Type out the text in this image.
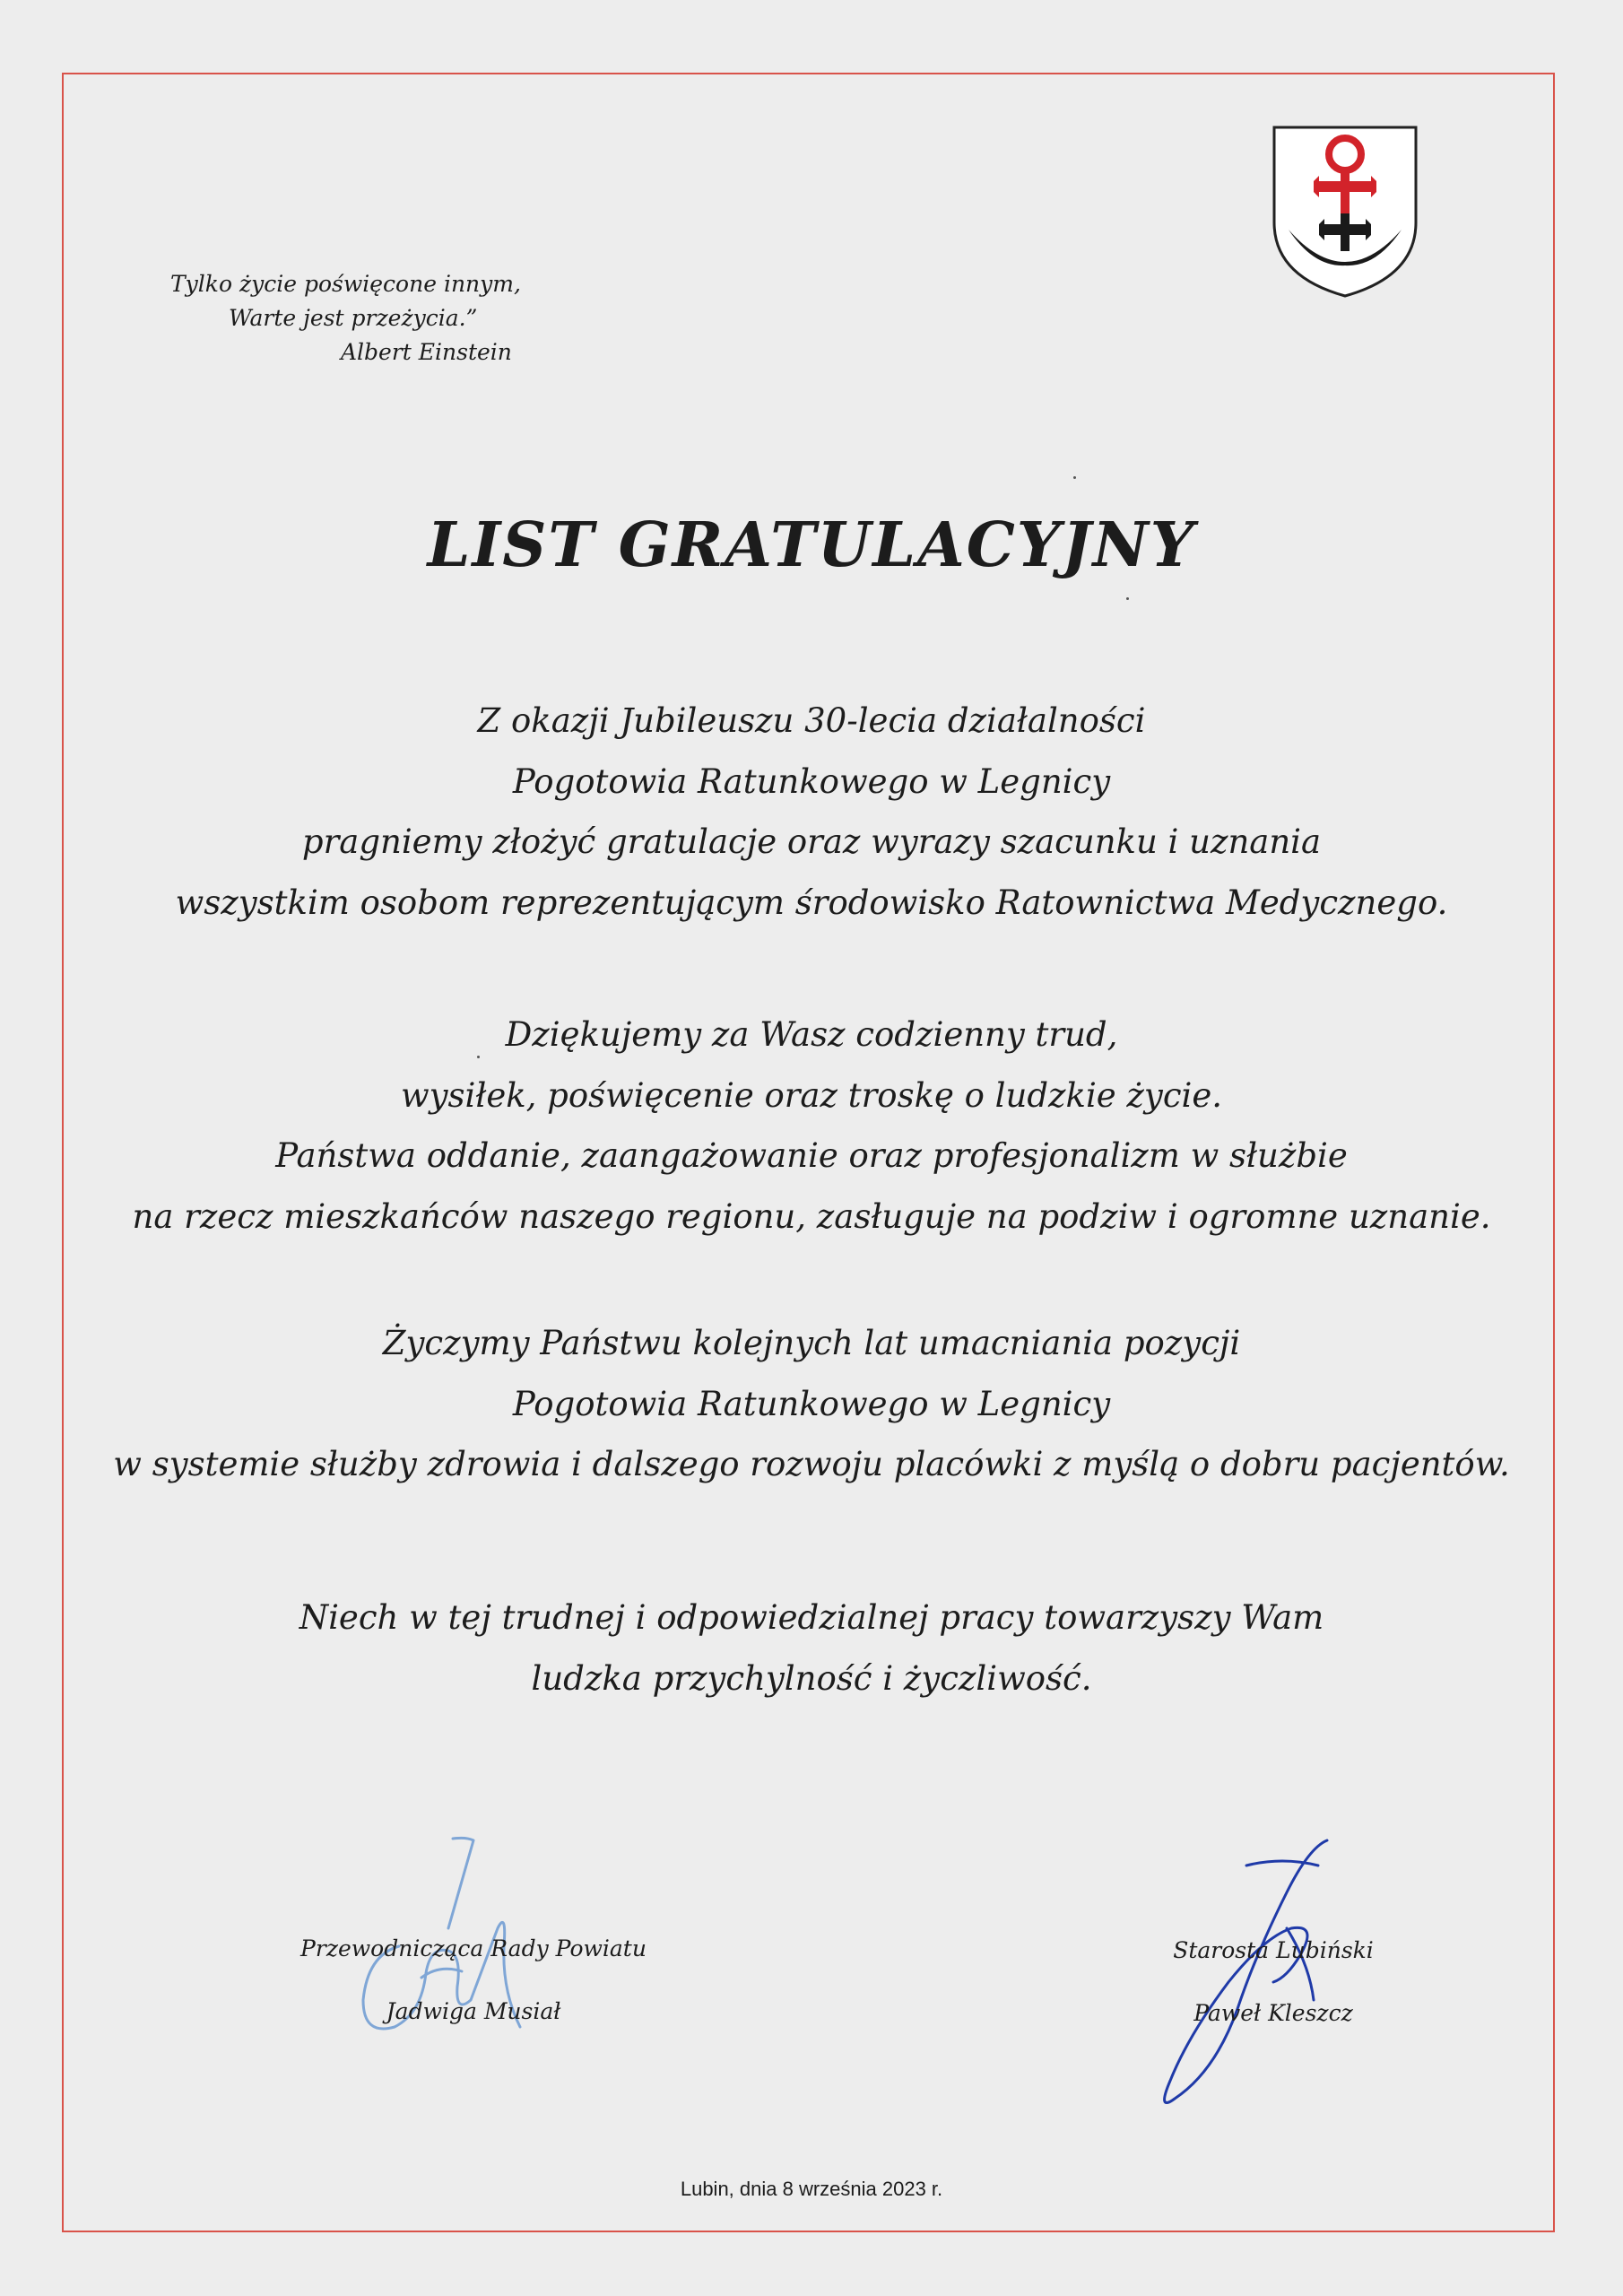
Tylko życie poświęcone innym,
Warte jest przeżycia.”
Albert Einstein
LIST GRATULACYJNY
Z okazji Jubileuszu 30-lecia działalności
Pogotowia Ratunkowego w Legnicy
pragniemy złożyć gratulacje oraz wyrazy szacunku i uznania
wszystkim osobom reprezentującym środowisko Ratownictwa Medycznego.
Dziękujemy za Wasz codzienny trud,
wysiłek, poświęcenie oraz troskę o ludzkie życie.
Państwa oddanie, zaangażowanie oraz profesjonalizm w służbie
na rzecz mieszkańców naszego regionu, zasługuje na podziw i ogromne uznanie.
Życzymy Państwu kolejnych lat umacniania pozycji
Pogotowia Ratunkowego w Legnicy
w systemie służby zdrowia i dalszego rozwoju placówki z myślą o dobru pacjentów.
Niech w tej trudnej i odpowiedzialnej pracy towarzyszy Wam
ludzka przychylność i życzliwość.
Przewodnicząca Rady Powiatu
Jadwiga Musiał
Starosta Lubiński
Paweł Kleszcz
Lubin, dnia 8 września 2023 r.
